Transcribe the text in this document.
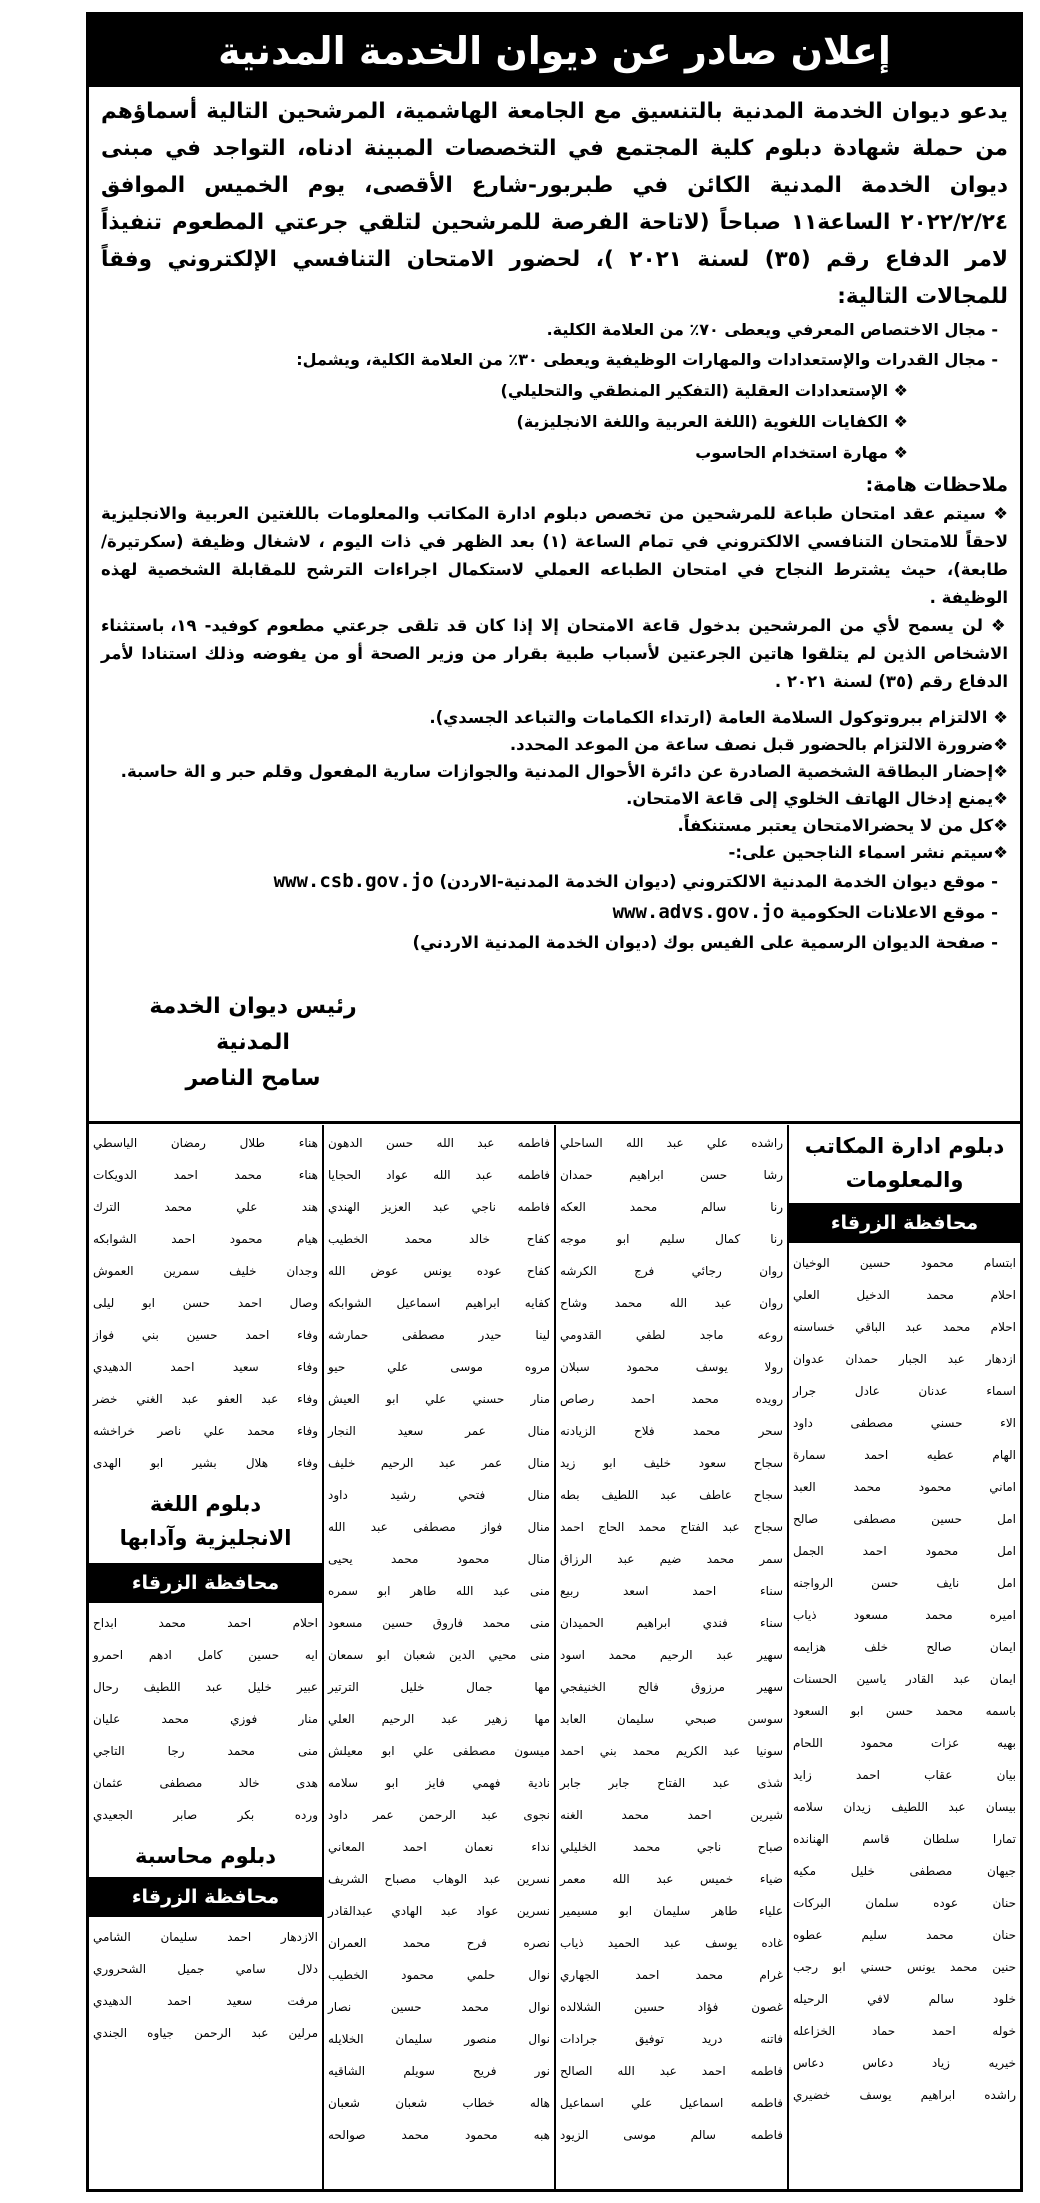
إعلان صادر عن ديوان الخدمة المدنية

يدعو ديوان الخدمة المدنية بالتنسيق مع الجامعة الهاشمية، المرشحين التالية أسماؤهم من حملة شهادة دبلوم كلية المجتمع في التخصصات المبينة ادناه، التواجد في مبنى ديوان الخدمة المدنية الكائن في طبربور-شارع الأقصى، يوم الخميس الموافق ٢٠٢٢/٢/٢٤ الساعة١١ صباحاً (لاتاحة الفرصة للمرشحين لتلقي جرعتي المطعوم تنفيذاً لامر الدفاع رقم (٣٥) لسنة ٢٠٢١ )، لحضور الامتحان التنافسي الإلكتروني وفقاً للمجالات التالية:

- مجال الاختصاص المعرفي ويعطى ٧٠٪ من العلامة الكلية.
- مجال القدرات والإستعدادات والمهارات الوظيفية ويعطى ٣٠٪ من العلامة الكلية، ويشمل:
❖ الإستعدادات العقلية (التفكير المنطقي والتحليلي)
❖ الكفايات اللغوية (اللغة العربية واللغة الانجليزية)
❖ مهارة استخدام الحاسوب
ملاحظات هامة:

❖ سيتم عقد امتحان طباعة للمرشحين من تخصص دبلوم ادارة المكاتب والمعلومات باللغتين العربية والانجليزية لاحقاً للامتحان التنافسي الالكتروني في تمام الساعة (١) بعد الظهر في ذات اليوم ، لاشغال وظيفة (سكرتيرة/طابعة)، حيث يشترط النجاح في امتحان الطباعه العملي لاستكمال اجراءات الترشح للمقابلة الشخصية لهذه الوظيفة .

❖ لن يسمح لأي من المرشحين بدخول قاعة الامتحان إلا إذا كان قد تلقى جرعتي مطعوم كوفيد- ١٩، باستثناء الاشخاص الذين لم يتلقوا هاتين الجرعتين لأسباب طبية بقرار من وزير الصحة أو من يفوضه وذلك استنادا لأمر الدفاع رقم (٣٥) لسنة ٢٠٢١ .

❖ الالتزام ببروتوكول السلامة العامة (ارتداء الكمامات والتباعد الجسدي).
❖ضرورة الالتزام بالحضور قبل نصف ساعة من الموعد المحدد.
❖إحضار البطاقة الشخصية الصادرة عن دائرة الأحوال المدنية والجوازات سارية المفعول وقلم حبر و الة حاسبة.
❖يمنع إدخال الهاتف الخلوي إلى قاعة الامتحان.
❖كل من لا يحضرالامتحان يعتبر مستنكفاً.
❖سيتم نشر اسماء الناجحين على:-
- موقع ديوان الخدمة المدنية الالكتروني (ديوان الخدمة المدنية-الاردن) www.csb.gov.jo
- موقع الاعلانات الحكومية www.advs.gov.jo
- صفحة الديوان الرسمية على الفيس بوك (ديوان الخدمة المدنية الاردني)
رئيس ديوان الخدمة المدنية
سامح الناصر
دبلوم ادارة المكاتب والمعلومات
محافظة الزرقاء
ابتسام محمود حسين الوخيان
احلام محمد الدخيل العلي
احلام محمد عبد الباقي خساسنه
ازدهار عبد الجبار حمدان عدوان
اسماء عدنان عادل جرار
الاء حسني مصطفى داود
الهام عطيه احمد سمارة
اماني محمود محمد العبد
امل حسين مصطفى صالح
امل محمود احمد الجمل
امل نايف حسن الرواجنه
اميره محمد مسعود ذياب
ايمان صالح خلف هزايمه
ايمان عبد القادر ياسين الحسنات
باسمه محمد حسن ابو السعود
بهيه عزات محمود اللحام
بيان عقاب احمد زايد
بيسان عبد اللطيف زيدان سلامه
تمارا سلطان قاسم الهنانده
جيهان مصطفى خليل مكيه
حنان عوده سلمان البركات
حنان محمد سليم عطوه
حنين محمد يونس حسني ابو رجب
خلود سالم لافي الرحيله
خوله احمد حماد الخزاعله
خيريه زياد دعاس دعاس
راشده ابراهيم يوسف خضيري
راشده علي عبد الله الساحلي
رشا حسن ابراهيم حمدان
رنا سالم محمد العكه
رنا كمال سليم ابو موجه
روان رجائي فرج الكرشه
روان عبد الله محمد وشاح
روعه ماجد لطفي القدومي
رولا يوسف محمود سبلان
رويده محمد احمد رصاص
سحر محمد فلاح الزيادنه
سجاح سعود خليف ابو زيد
سجاح عاطف عبد اللطيف بطه
سجاح عبد الفتاح محمد الحاج احمد
سمر محمد ضيم عبد الرزاق
سناء احمد اسعد ربيع
سناء فندي ابراهيم الحميدان
سهير عبد الرحيم محمد اسود
سهير مرزوق فالح الخنيفجي
سوسن صبحي سليمان العابد
سونيا عبد الكريم محمد بني احمد
شذى عبد الفتاح جابر جابر
شيرين احمد محمد الغنه
صباح ناجي محمد الخليلي
ضياء خميس عبد الله معمر
علياء طاهر سليمان ابو مسيمير
غاده يوسف عبد الحميد ذياب
غرام محمد احمد الجهاري
غصون فؤاد حسين الشلالده
فاتنه دريد توفيق جرادات
فاطمه احمد عبد الله الصالح
فاطمه اسماعيل علي اسماعيل
فاطمه سالم موسى الزيود
فاطمه عبد الله حسن الدهون
فاطمه عبد الله عواد الحجايا
فاطمه ناجي عبد العزيز الهندي
كفاح خالد محمد الخطيب
كفاح عوده يونس عوض الله
كفايه ابراهيم اسماعيل الشوابكه
لينا حيدر مصطفى حمارشه
مروه موسى علي حيو
منار حسني علي ابو العيش
منال عمر سعيد النجار
منال عمر عبد الرحيم خليف
منال فتحي رشيد داود
منال فواز مصطفى عبد الله
منال محمود محمد يحيى
منى عبد الله طاهر ابو سمره
منى محمد فاروق حسين مسعود
منى محيي الدين شعبان ابو سمعان
مها جمال خليل الترتير
مها زهير عبد الرحيم العلي
ميسون مصطفى علي ابو معيلش
نادية فهمي فايز ابو سلامه
نجوى عبد الرحمن عمر داود
نداء نعمان احمد المعاني
نسرين عبد الوهاب مصباح الشريف
نسرين عواد عبد الهادي عبدالقادر
نصره فرح محمد العمران
نوال حلمي محمود الخطيب
نوال محمد حسين نصار
نوال منصور سليمان الخلايله
نور فريح سويلم الشاقيه
هاله خطاب شعبان شعبان
هبه محمود محمد صوالحه
هناء طلال رمضان الياسطي
هناء محمد احمد الدويكات
هند علي محمد الترك
هيام محمود احمد الشوابكه
وجدان خليف سمرين العموش
وصال احمد حسن ابو ليلى
وفاء احمد حسين بني فواز
وفاء سعيد احمد الدهيدي
وفاء عبد العفو عبد الغني خضر
وفاء محمد علي ناصر خراخشه
وفاء هلال بشير ابو الهدى
دبلوم اللغة الانجليزية وآدابها
محافظة الزرقاء
احلام احمد محمد ابداح
ايه حسين كامل ادهم احمرو
عبير خليل عبد اللطيف رحال
منار فوزي محمد عليان
منى محمد رجا التاجي
هدى خالد مصطفى عثمان
ورده بكر صابر الجعيدي
دبلوم محاسبة
محافظة الزرقاء
الازدهار احمد سليمان الشامي
دلال سامي جميل الشحروري
مرفت سعيد احمد الدهيدي
مرلين عبد الرحمن جياوه الجندي
